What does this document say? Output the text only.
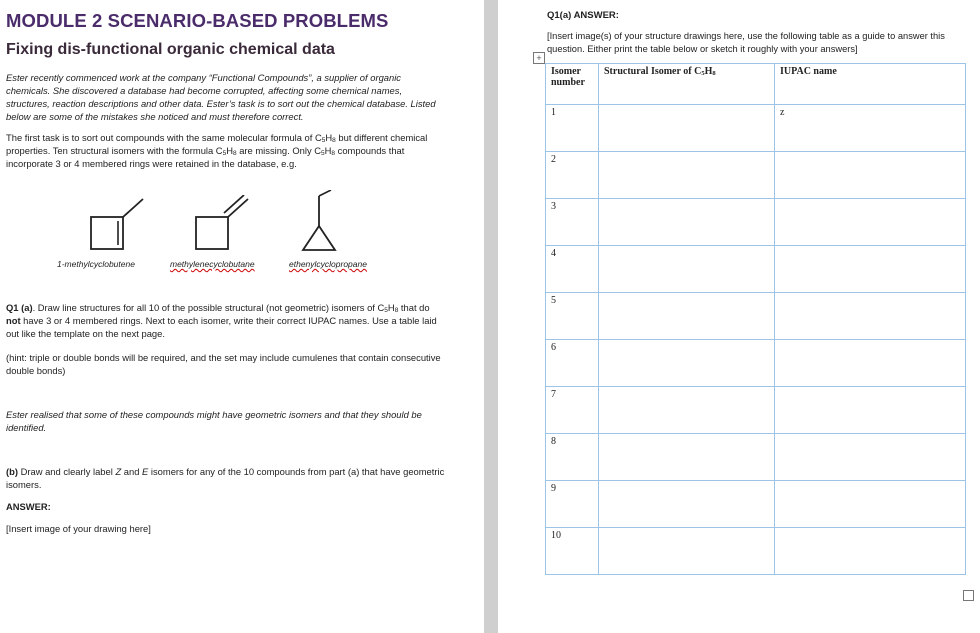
MODULE 2 SCENARIO-BASED PROBLEMS
Fixing dis-functional organic chemical data
Ester recently commenced work at the company “Functional Compounds”, a supplier of organic chemicals. She discovered a database had become corrupted, affecting some chemical names, structures, reaction descriptions and other data. Ester’s task is to sort out the chemical database. Listed below are some of the mistakes she noticed and must therefore correct.
The first task is to sort out compounds with the same molecular formula of $C_5H_8$ but different chemical properties. Ten structural isomers with the formula $C_5H_8$ are missing. Only $C_5H_8$ compounds that incorporate 3 or 4 membered rings were retained in the database, e.g.
1-methylcyclobutene	methylenecyclobutane	ethenylcyclopropane
Q1 (a). Draw line structures for all 10 of the possible structural (not geometric) isomers of $C_5H_8$ that do not have 3 or 4 membered rings. Next to each isomer, write their correct IUPAC names. Use a table laid out like the template on the next page.
(hint: triple or double bonds will be required, and the set may include cumulenes that contain consecutive double bonds)
Ester realised that some of these compounds might have geometric isomers and that they should be identified.
(b) Draw and clearly label Z and E isomers for any of the 10 compounds from part (a) that have geometric isomers.
ANSWER:
[Insert image of your drawing here]
Q1(a) ANSWER:
[Insert image(s) of your structure drawings here, use the following table as a guide to answer this question. Either print the table below or sketch it roughly with your answers]
+
Isomer number	Structural Isomer of $C_5H_8$	IUPAC name
1		z
2		
3		
4		
5		
6		
7		
8		
9		
10		
